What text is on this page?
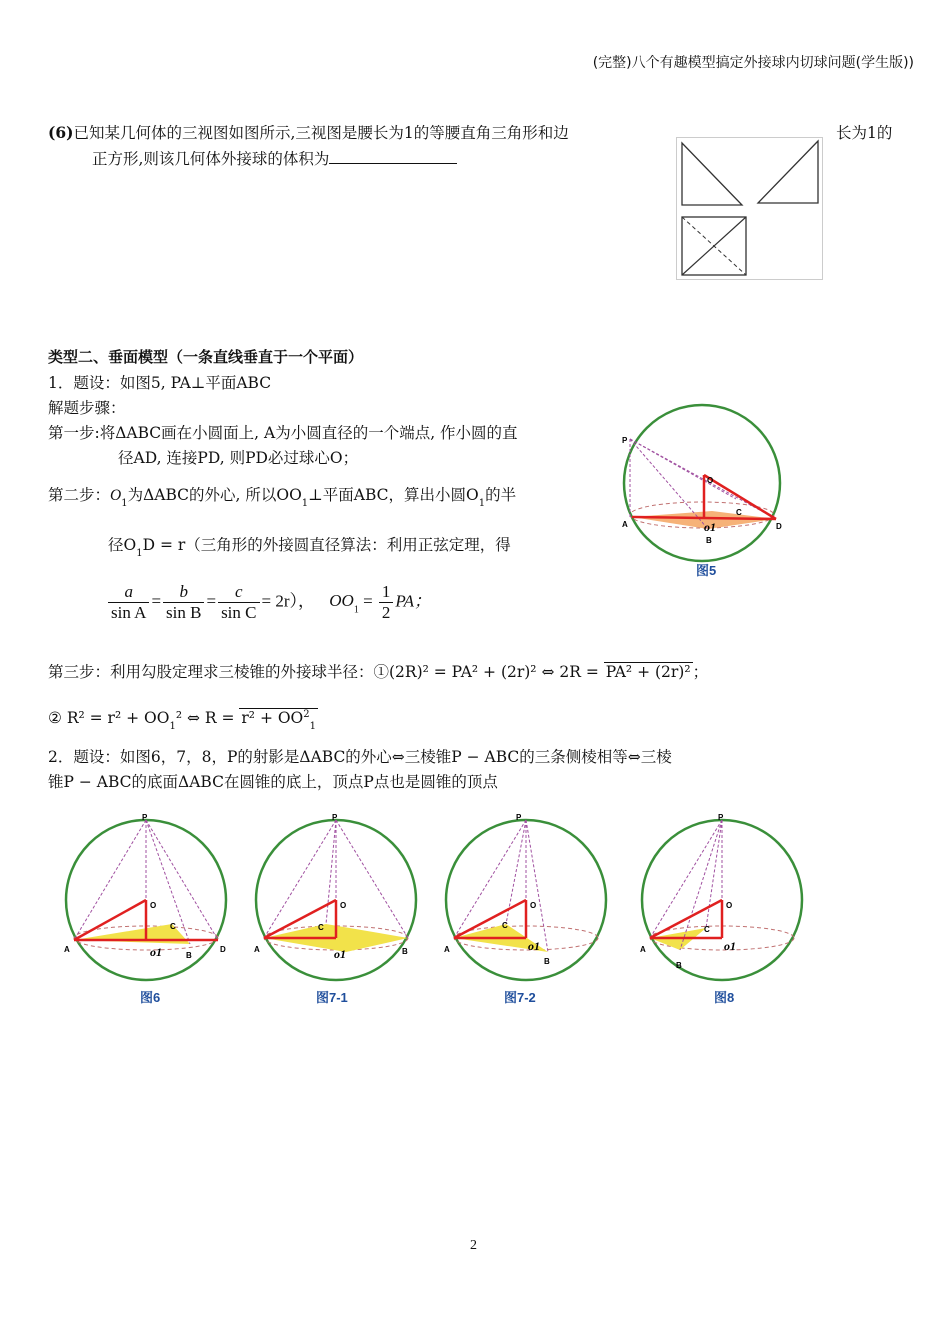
(完整)八个有趣模型搞定外接球内切球问题(学生版))
(6)已知某几何体的三视图如图所示,三视图是腰长为1的等腰直角三角形和边	长为1的
正方形,则该几何体外接球的体积为
类型二、垂面模型（一条直线垂直于一个平面）
1．题设：如图5, PA⊥平面ABC
解题步骤：
第一步:将ΔABC画在小圆面上, A为小圆直径的一个端点, 作小圆的直
径AD, 连接PD, 则PD必过球心O；
第二步：$O_1$为ΔABC的外心, 所以$OO_1\perp$平面ABC，算出小圆$O_1$的半
径$O_1D = r$（三角形的外接圆直径算法：利用正弦定理，得
$\frac{a}{\text{sin A}} = \frac{b}{\text{sin B}} = \frac{c}{\text{sin C}} = 2r$）， $OO_1 = \frac{1}{2}$ PA；
第三步：利用勾股定理求三棱锥的外接球半径：①(2R)² = PA² + (2r)² ⇔ 2R = PA² + (2r)² ；
② $R^2 = r^2 + OO_1^2$ ⇔ $R = r^2 + OO^2_1$
2．题设：如图6，7，8，P的射影是ΔABC的外心⇔三棱锥P − ABC的三条侧棱相等⇔三棱
锥P − ABC的底面ΔABC在圆锥的底上，顶点P点也是圆锥的顶点
P
O
C
o1
A
B
D
图5
P
O
C
o1
A
B
D
图6
P
O
C
o1
A	B
图7-1
P
O
C
o1
A
B
图7-2
P
O
C
o1
A
B
图8
2
